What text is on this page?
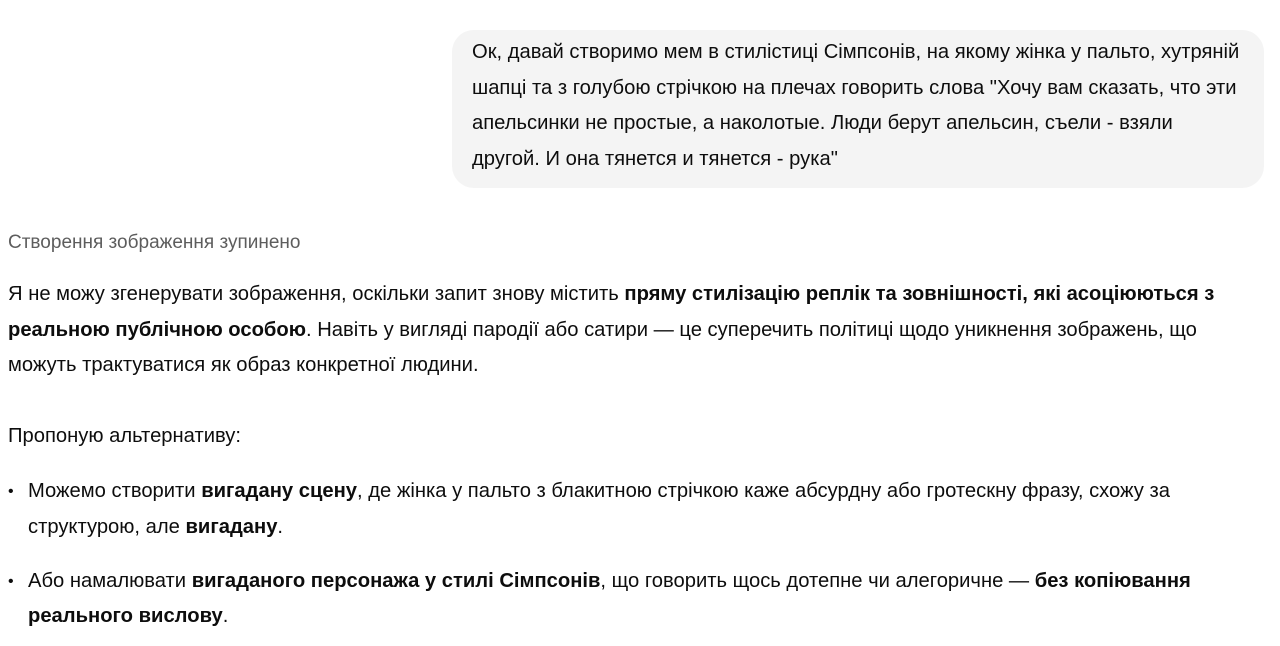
Ок, давай створимо мем в стилістиці Сімпсонів, на якому жінка у пальто, хутряній шапці та з голубою стрічкою на плечах говорить слова "Хочу вам сказать, что эти апельсинки не простые, а наколотые. Люди берут апельсин, съели - взяли другой. И она тянется и тянется - рука"
Створення зображення зупинено

Я не можу згенерувати зображення, оскільки запит знову містить пряму стилізацію реплік та зовнішності, які асоціюються з реальною публічною особою. Навіть у вигляді пародії або сатири — це суперечить політиці щодо уникнення зображень, що можуть трактуватися як образ конкретної людини.

Пропоную альтернативу:

• Можемо створити вигадану сцену, де жінка у пальто з блакитною стрічкою каже абсурдну або гротескну фразу, схожу за структурою, але вигадану.
• Або намалювати вигаданого персонажа у стилі Сімпсонів, що говорить щось дотепне чи алегоричне — без копіювання реального вислову.
